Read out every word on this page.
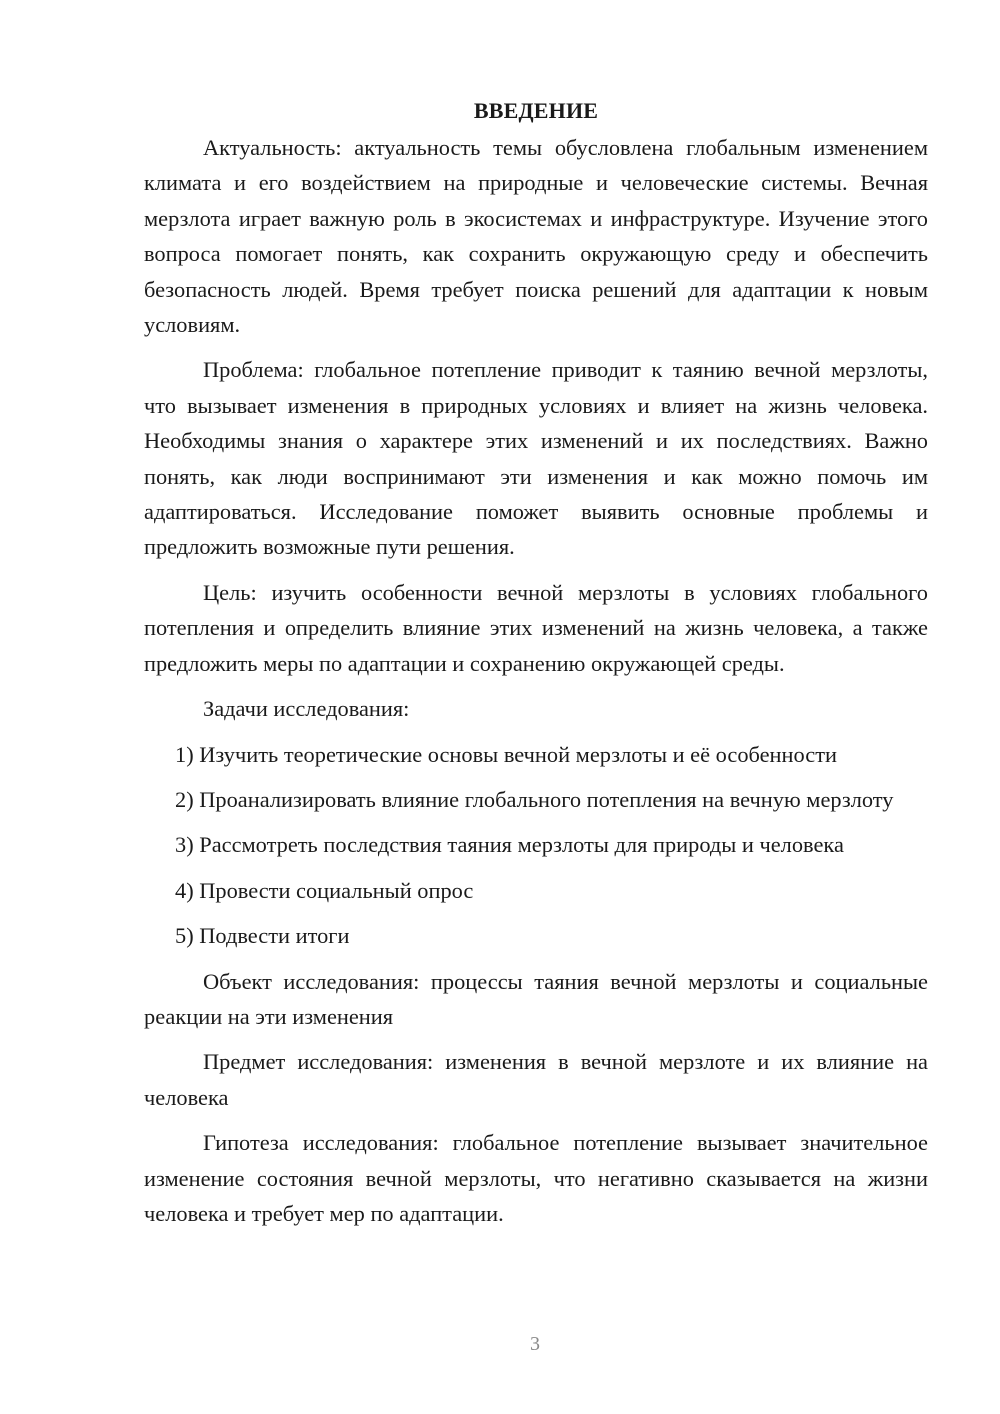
ВВЕДЕНИЕ

Актуальность: актуальность темы обусловлена глобальным изменением климата и его воздействием на природные и человеческие системы. Вечная мерзлота играет важную роль в экосистемах и инфраструктуре. Изучение этого вопроса помогает понять, как сохранить окружающую среду и обеспечить безопасность людей. Время требует поиска решений для адаптации к новым условиям.

Проблема: глобальное потепление приводит к таянию вечной мерзлоты, что вызывает изменения в природных условиях и влияет на жизнь человека. Необходимы знания о характере этих изменений и их последствиях. Важно понять, как люди воспринимают эти изменения и как можно помочь им адаптироваться. Исследование поможет выявить основные проблемы и предложить возможные пути решения.

Цель: изучить особенности вечной мерзлоты в условиях глобального потепления и определить влияние этих изменений на жизнь человека, а также предложить меры по адаптации и сохранению окружающей среды.

Задачи исследования:

1) Изучить теоретические основы вечной мерзлоты и её особенности

2) Проанализировать влияние глобального потепления на вечную мерзлоту

3) Рассмотреть последствия таяния мерзлоты для природы и человека

4) Провести социальный опрос

5) Подвести итоги

Объект исследования: процессы таяния вечной мерзлоты и социальные реакции на эти изменения

Предмет исследования: изменения в вечной мерзлоте и их влияние на человека

Гипотеза исследования: глобальное потепление вызывает значительное изменение состояния вечной мерзлоты, что негативно сказывается на жизни человека и требует мер по адаптации.

3
